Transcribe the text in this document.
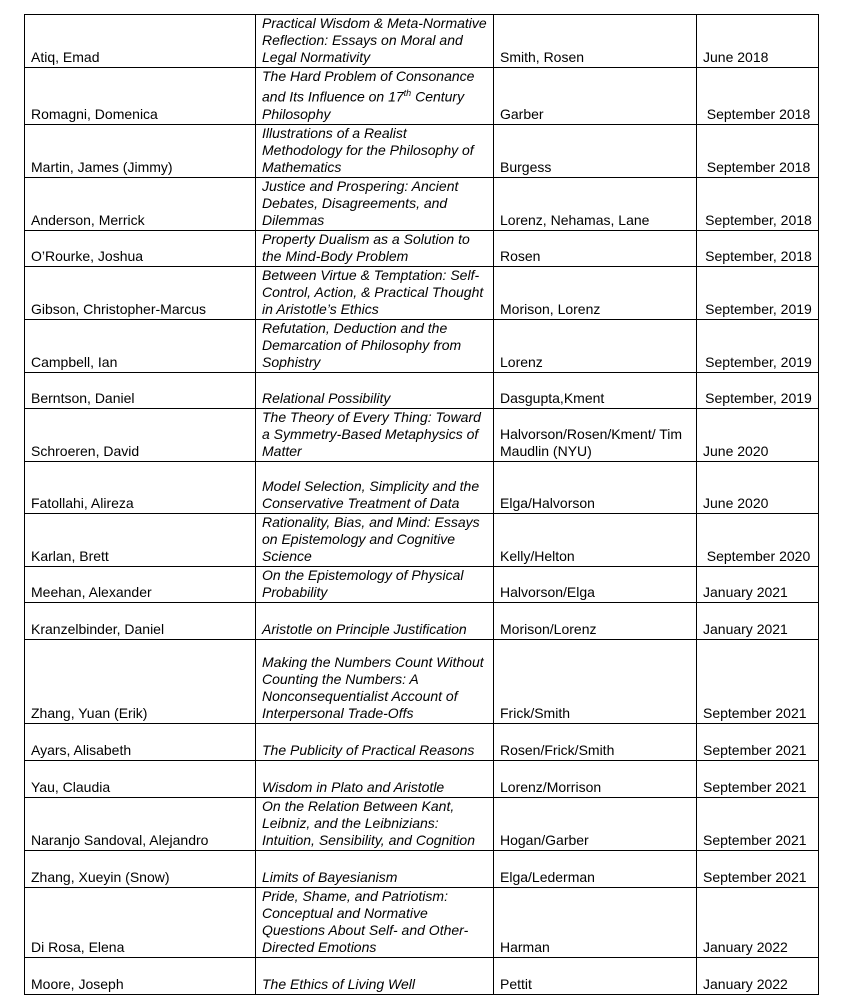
Atiq, Emad	Practical Wisdom & Meta-Normative Reflection: Essays on Moral and Legal Normativity	Smith, Rosen	June 2018
Romagni, Domenica	The Hard Problem of Consonance and Its Influence on 17th Century Philosophy	Garber	September 2018
Martin, James (Jimmy)	Illustrations of a Realist Methodology for the Philosophy of Mathematics	Burgess	September 2018
Anderson, Merrick	Justice and Prospering: Ancient Debates, Disagreements, and Dilemmas	Lorenz, Nehamas, Lane	September, 2018
O’Rourke, Joshua	Property Dualism as a Solution to the Mind-Body Problem	Rosen	September, 2018
Gibson, Christopher-Marcus	Between Virtue & Temptation: Self-Control, Action, & Practical Thought in Aristotle’s Ethics	Morison, Lorenz	September, 2019
Campbell, Ian	Refutation, Deduction and the Demarcation of Philosophy from Sophistry	Lorenz	September, 2019
Berntson, Daniel	Relational Possibility	Dasgupta,Kment	September, 2019
Schroeren, David	The Theory of Every Thing: Toward a Symmetry-Based Metaphysics of Matter	Halvorson/Rosen/Kment/ Tim Maudlin (NYU)	June 2020
Fatollahi, Alireza	Model Selection, Simplicity and the Conservative Treatment of Data	Elga/Halvorson	June 2020
Karlan, Brett	Rationality, Bias, and Mind: Essays on Epistemology and Cognitive Science	Kelly/Helton	September 2020
Meehan, Alexander	On the Epistemology of Physical Probability	Halvorson/Elga	January 2021
Kranzelbinder, Daniel	Aristotle on Principle Justification	Morison/Lorenz	January 2021
Zhang, Yuan (Erik)	Making the Numbers Count Without Counting the Numbers: A Nonconsequentialist Account of Interpersonal Trade-Offs	Frick/Smith	September 2021
Ayars, Alisabeth	The Publicity of Practical Reasons	Rosen/Frick/Smith	September 2021
Yau, Claudia	Wisdom in Plato and Aristotle	Lorenz/Morrison	September 2021
Naranjo Sandoval, Alejandro	On the Relation Between Kant, Leibniz, and the Leibnizians: Intuition, Sensibility, and Cognition	Hogan/Garber	September 2021
Zhang, Xueyin (Snow)	Limits of Bayesianism	Elga/Lederman	September 2021
Di Rosa, Elena	Pride, Shame, and Patriotism: Conceptual and Normative Questions About Self- and Other-Directed Emotions	Harman	January 2022
Moore, Joseph	The Ethics of Living Well	Pettit	January 2022
